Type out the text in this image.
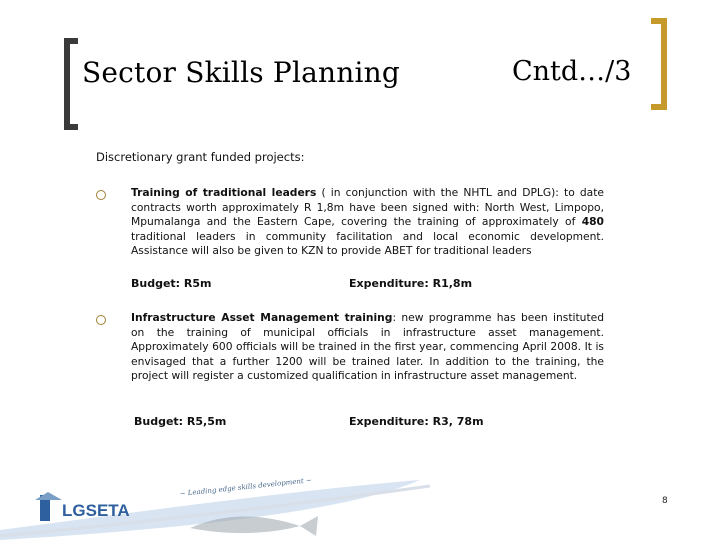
Sector Skills Planning	Cntd…/3
Discretionary grant funded projects:
Training of traditional leaders ( in conjunction with the NHTL and DPLG): to date contracts worth approximately R 1,8m have been signed with: North West, Limpopo, Mpumalanga and the Eastern Cape, covering the training of approximately of 480 traditional leaders in community facilitation and local economic development. Assistance will also be given to KZN to provide ABET for traditional leaders
Budget: R5m	Expenditure: R1,8m
Infrastructure Asset Management training: new programme has been instituted on the training of municipal officials in infrastructure asset management. Approximately 600 officials will be trained in the first year, commencing April 2008. It is envisaged that a further 1200 will be trained later. In addition to the training, the project will register a customized qualification in infrastructure asset management.
Budget: R5,5m	Expenditure: R3, 78m
LGSETA
~ Leading edge skills development ~
8
